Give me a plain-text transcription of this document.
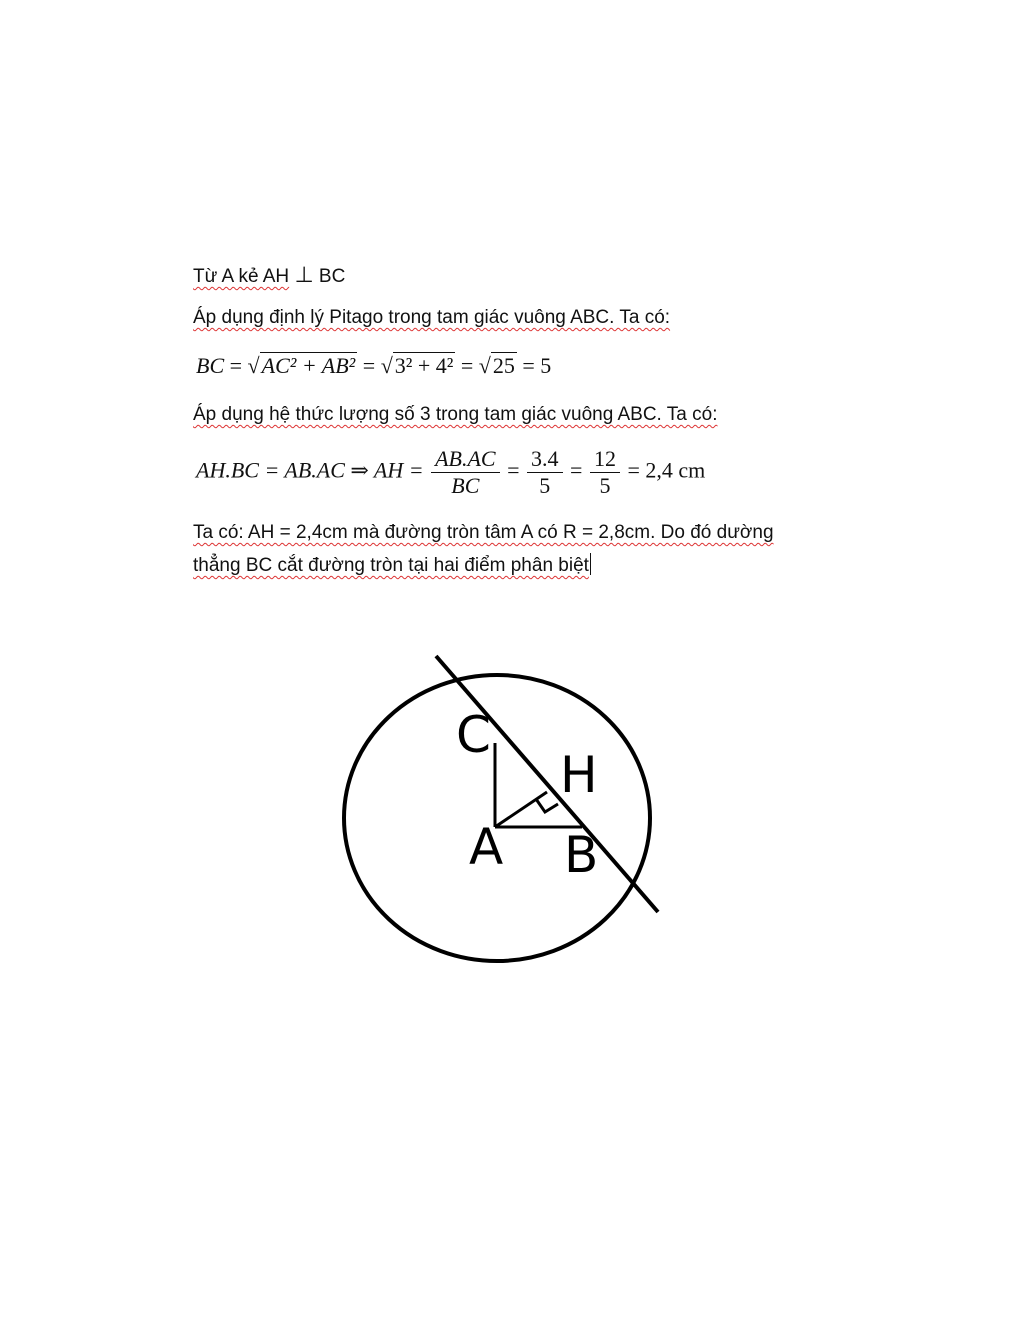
Từ A kẻ AH ⊥ BC
Áp dụng định lý Pitago trong tam giác vuông ABC. Ta có:
BC = √AC² + AB² = √3² + 4² = √25 = 5
Áp dụng hệ thức lượng số 3 trong tam giác vuông ABC. Ta có:
AH.BC = AB.AC ⇒ AH = $\frac{AB.AC}{BC} = \frac{3.4}{5} = \frac{12}{5} = 2,4$ cm
Ta có: AH = 2,4cm mà đường tròn tâm A có R = 2,8cm. Do đó dường
thẳng BC cắt đường tròn tại hai điểm phân biệt
C
H
A B
